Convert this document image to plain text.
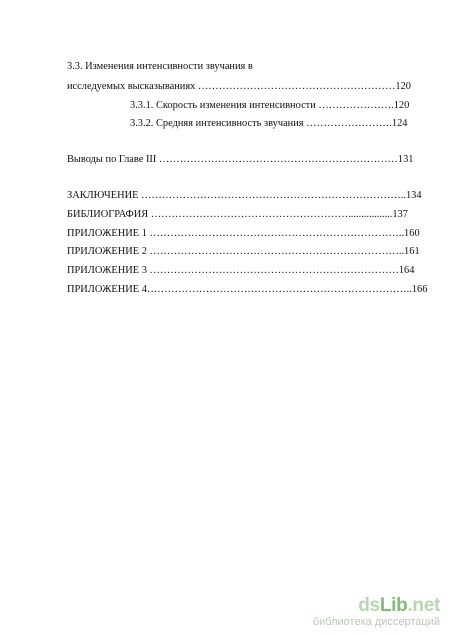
3.3. Изменения интенсивности звучания в

исследуемых высказываниях …………………………………………………120

3.3.1. Скорость изменения интенсивности ………………….120

3.3.2. Средняя интенсивность звучания …………………….124

Выводы по Главе III ……………………………………………………………131

ЗАКЛЮЧЕНИЕ …………………………………………………………………..134

БИБЛИОГРАФИЯ ………………………………………………….................137

ПРИЛОЖЕНИЕ 1 ………………………………………………………………..160

ПРИЛОЖЕНИЕ 2 ………………………………………………………………..161

ПРИЛОЖЕНИЕ 3 ………………………………………………………………164

ПРИЛОЖЕНИЕ 4…………………………………………………………………..166

dsLib.net
библиотека диссертаций
